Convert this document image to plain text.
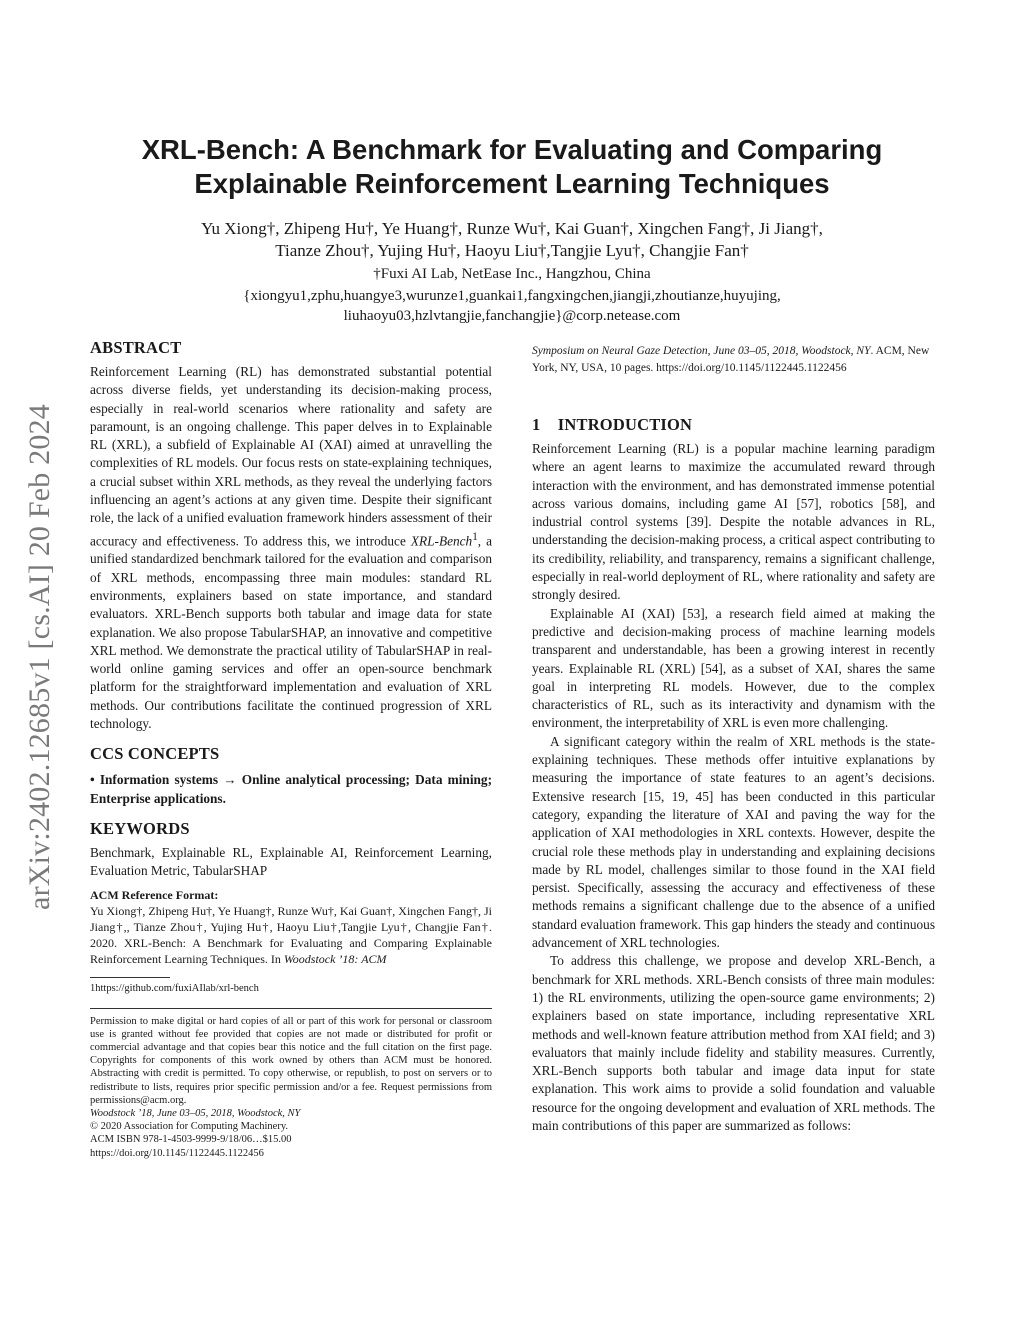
arXiv:2402.12685v1 [cs.AI] 20 Feb 2024
XRL-Bench: A Benchmark for Evaluating and Comparing
Explainable Reinforcement Learning Techniques
Yu Xiong†, Zhipeng Hu†, Ye Huang†, Runze Wu†, Kai Guan†, Xingchen Fang†, Ji Jiang†,
Tianze Zhou†, Yujing Hu†, Haoyu Liu†,Tangjie Lyu†, Changjie Fan†
†Fuxi AI Lab, NetEase Inc., Hangzhou, China
{xiongyu1,zphu,huangye3,wurunze1,guankai1,fangxingchen,jiangji,zhoutianze,huyujing,
liuhaoyu03,hzlvtangjie,fanchangjie}@corp.netease.com
ABSTRACT

Reinforcement Learning (RL) has demonstrated substantial potential across diverse fields, yet understanding its decision-making process, especially in real-world scenarios where rationality and safety are paramount, is an ongoing challenge. This paper delves in to Explainable RL (XRL), a subfield of Explainable AI (XAI) aimed at unravelling the complexities of RL models. Our focus rests on state-explaining techniques, a crucial subset within XRL methods, as they reveal the underlying factors influencing an agent’s actions at any given time. Despite their significant role, the lack of a unified evaluation framework hinders assessment of their accuracy and effectiveness. To address this, we introduce XRL-Bench$^1$, a unified standardized benchmark tailored for the evaluation and comparison of XRL methods, encompassing three main modules: standard RL environments, explainers based on state importance, and standard evaluators. XRL-Bench supports both tabular and image data for state explanation. We also propose TabularSHAP, an innovative and competitive XRL method. We demonstrate the practical utility of TabularSHAP in real-world online gaming services and offer an open-source benchmark platform for the straightforward implementation and evaluation of XRL methods. Our contributions facilitate the continued progression of XRL technology.

CCS CONCEPTS

• Information systems → Online analytical processing; Data mining; Enterprise applications.

KEYWORDS

Benchmark, Explainable RL, Explainable AI, Reinforcement Learning, Evaluation Metric, TabularSHAP

ACM Reference Format:

Yu Xiong†, Zhipeng Hu†, Ye Huang†, Runze Wu†, Kai Guan†, Xingchen Fang†, Ji Jiang†,, Tianze Zhou†, Yujing Hu†, Haoyu Liu†,Tangjie Lyu†, Changjie Fan†. 2020. XRL-Bench: A Benchmark for Evaluating and Comparing Explainable Reinforcement Learning Techniques. In Woodstock ’18: ACM

1https://github.com/fuxiAIlab/xrl-bench

Permission to make digital or hard copies of all or part of this work for personal or classroom use is granted without fee provided that copies are not made or distributed for profit or commercial advantage and that copies bear this notice and the full citation on the first page. Copyrights for components of this work owned by others than ACM must be honored. Abstracting with credit is permitted. To copy otherwise, or republish, to post on servers or to redistribute to lists, requires prior specific permission and/or a fee. Request permissions from permissions@acm.org.

Woodstock ’18, June 03–05, 2018, Woodstock, NY

© 2020 Association for Computing Machinery.

ACM ISBN 978-1-4503-9999-9/18/06…$15.00

https://doi.org/10.1145/1122445.1122456

Symposium on Neural Gaze Detection, June 03–05, 2018, Woodstock, NY. ACM, New York, NY, USA, 10 pages. https://doi.org/10.1145/1122445.1122456

1    INTRODUCTION

Reinforcement Learning (RL) is a popular machine learning paradigm where an agent learns to maximize the accumulated reward through interaction with the environment, and has demonstrated immense potential across various domains, including game AI [57], robotics [58], and industrial control systems [39]. Despite the notable advances in RL, understanding the decision-making process, a critical aspect contributing to its credibility, reliability, and transparency, remains a significant challenge, especially in real-world deployment of RL, where rationality and safety are strongly desired.

Explainable AI (XAI) [53], a research field aimed at making the predictive and decision-making process of machine learning models transparent and understandable, has been a growing interest in recently years. Explainable RL (XRL) [54], as a subset of XAI, shares the same goal in interpreting RL models. However, due to the complex characteristics of RL, such as its interactivity and dynamism with the environment, the interpretability of XRL is even more challenging.

A significant category within the realm of XRL methods is the state-explaining techniques. These methods offer intuitive explanations by measuring the importance of state features to an agent’s decisions. Extensive research [15, 19, 45] has been conducted in this particular category, expanding the literature of XAI and paving the way for the application of XAI methodologies in XRL contexts. However, despite the crucial role these methods play in understanding and explaining decisions made by RL model, challenges similar to those found in the XAI field persist. Specifically, assessing the accuracy and effectiveness of these methods remains a significant challenge due to the absence of a unified standard evaluation framework. This gap hinders the steady and continuous advancement of XRL technologies.

To address this challenge, we propose and develop XRL-Bench, a benchmark for XRL methods. XRL-Bench consists of three main modules: 1) the RL environments, utilizing the open-source game environments; 2) explainers based on state importance, including representative XRL methods and well-known feature attribution method from XAI field; and 3) evaluators that mainly include fidelity and stability measures. Currently, XRL-Bench supports both tabular and image data input for state explanation. This work aims to provide a solid foundation and valuable resource for the ongoing development and evaluation of XRL methods. The main contributions of this paper are summarized as follows:
